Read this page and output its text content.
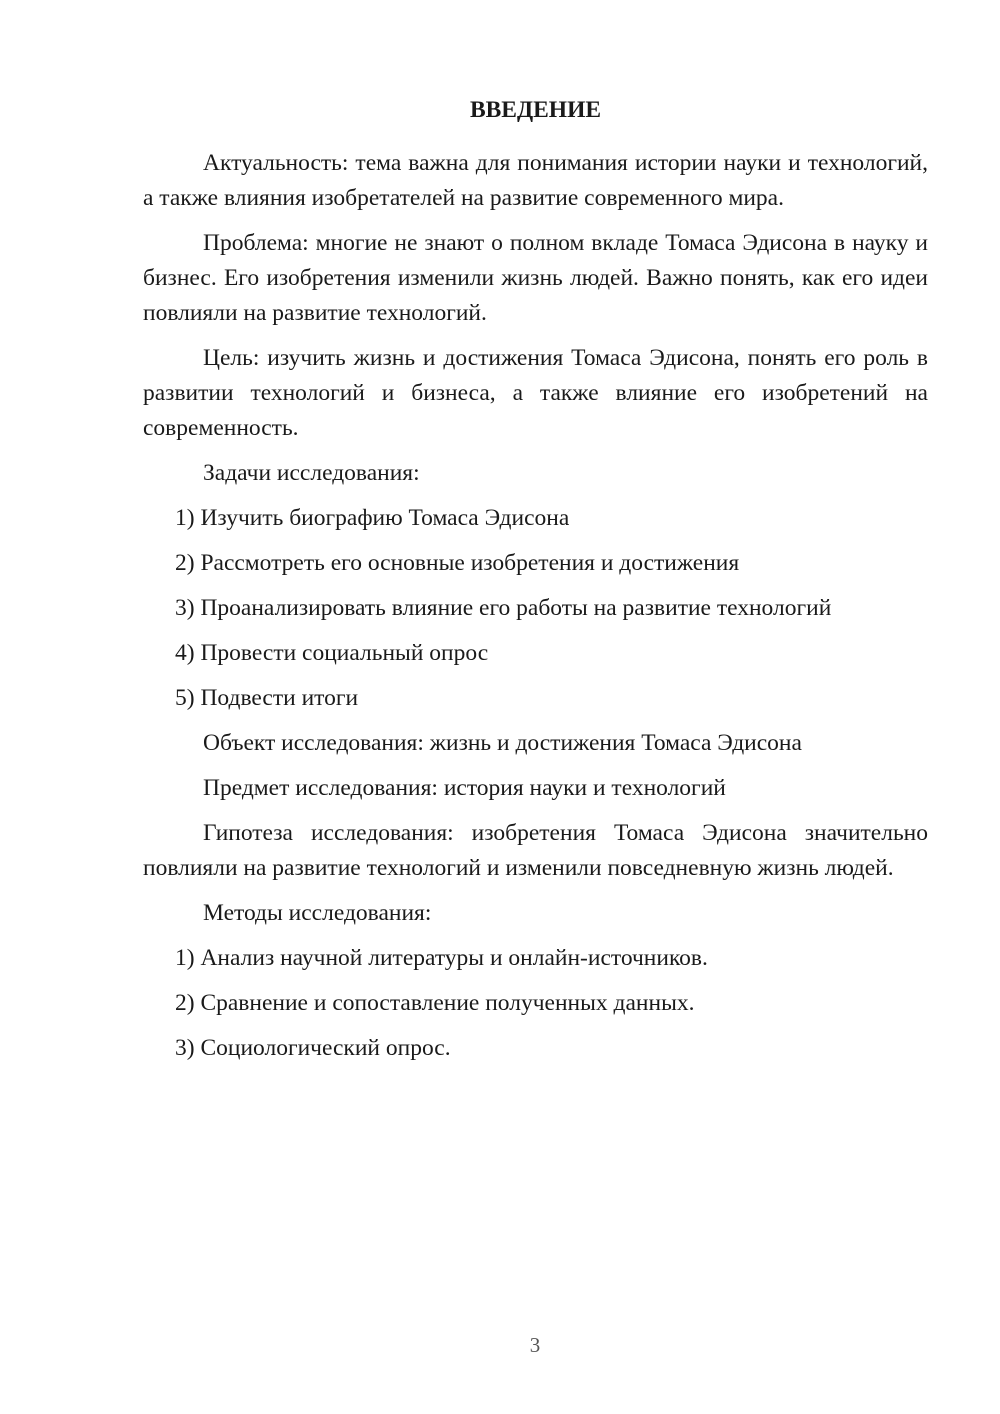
ВВЕДЕНИЕ

Актуальность: тема важна для понимания истории науки и технологий, а также влияния изобретателей на развитие современного мира.

Проблема: многие не знают о полном вкладе Томаса Эдисона в науку и бизнес. Его изобретения изменили жизнь людей. Важно понять, как его идеи повлияли на развитие технологий.

Цель: изучить жизнь и достижения Томаса Эдисона, понять его роль в развитии технологий и бизнеса, а также влияние его изобретений на современность.

Задачи исследования:
1) Изучить биографию Томаса Эдисона
2) Рассмотреть его основные изобретения и достижения
3) Проанализировать влияние его работы на развитие технологий
4) Провести социальный опрос
5) Подвести итоги
Объект исследования: жизнь и достижения Томаса Эдисона
Предмет исследования: история науки и технологий

Гипотеза исследования: изобретения Томаса Эдисона значительно повлияли на развитие технологий и изменили повседневную жизнь людей.

Методы исследования:
1) Анализ научной литературы и онлайн-источников.
2) Сравнение и сопоставление полученных данных.
3) Социологический опрос.
3
